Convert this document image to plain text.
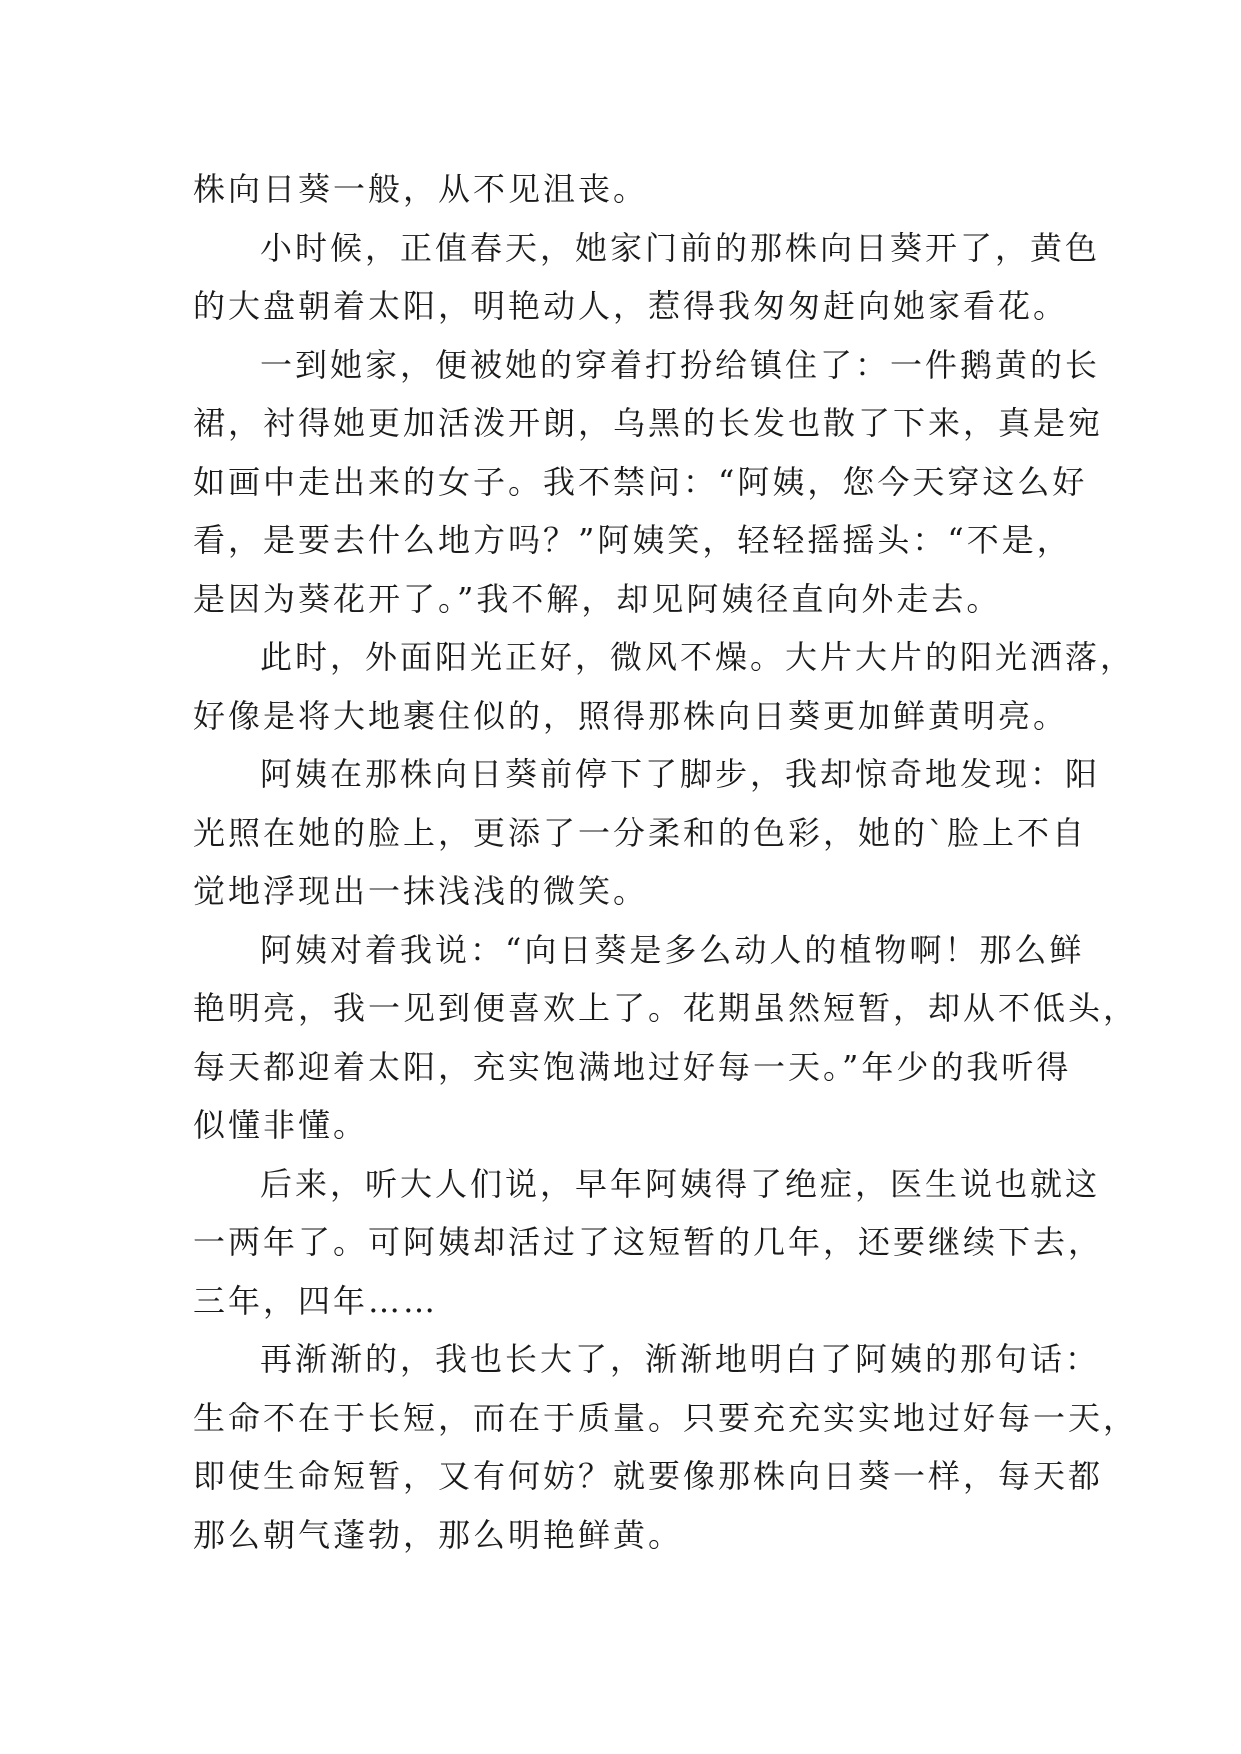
株向日葵一般，从不见沮丧。
小时候，正值春天，她家门前的那株向日葵开了，黄色
的大盘朝着太阳，明艳动人，惹得我匆匆赶向她家看花。
一到她家，便被她的穿着打扮给镇住了：一件鹅黄的长
裙，衬得她更加活泼开朗，乌黑的长发也散了下来，真是宛
如画中走出来的女子。我不禁问：“阿姨，您今天穿这么好
看，是要去什么地方吗？”阿姨笑，轻轻摇摇头：“不是，
是因为葵花开了。”我不解，却见阿姨径直向外走去。
此时，外面阳光正好，微风不燥。大片大片的阳光洒落，
好像是将大地裹住似的，照得那株向日葵更加鲜黄明亮。
阿姨在那株向日葵前停下了脚步，我却惊奇地发现：阳
光照在她的脸上，更添了一分柔和的色彩，她的`脸上不自
觉地浮现出一抹浅浅的微笑。
阿姨对着我说：“向日葵是多么动人的植物啊！那么鲜
艳明亮，我一见到便喜欢上了。花期虽然短暂，却从不低头，
每天都迎着太阳，充实饱满地过好每一天。”年少的我听得
似懂非懂。
后来，听大人们说，早年阿姨得了绝症，医生说也就这
一两年了。可阿姨却活过了这短暂的几年，还要继续下去，
三年，四年……
再渐渐的，我也长大了，渐渐地明白了阿姨的那句话：
生命不在于长短，而在于质量。只要充充实实地过好每一天，
即使生命短暂，又有何妨？就要像那株向日葵一样，每天都
那么朝气蓬勃，那么明艳鲜黄。
